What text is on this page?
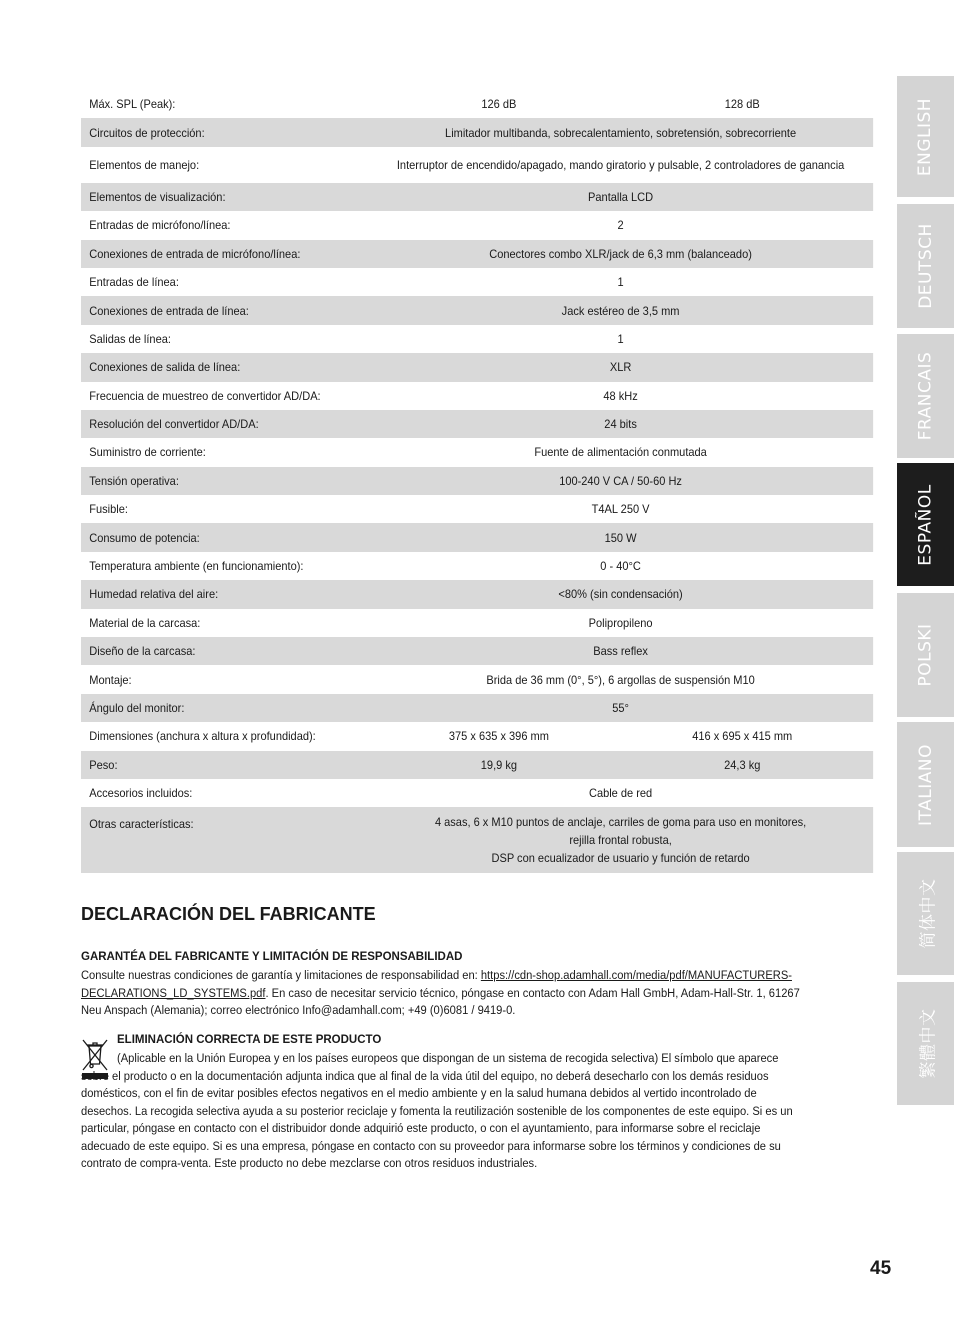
Máx. SPL (Peak):	126 dB	128 dB
Circuitos de protección:	Limitador multibanda, sobrecalentamiento, sobretensión, sobrecorriente
Elementos de manejo:	Interruptor de encendido/apagado, mando giratorio y pulsable, 2 controladores de ganancia
Elementos de visualización:	Pantalla LCD
Entradas de micrófono/línea:	2
Conexiones de entrada de micrófono/línea:	Conectores combo XLR/jack de 6,3 mm (balanceado)
Entradas de línea:	1
Conexiones de entrada de línea:	Jack estéreo de 3,5 mm
Salidas de línea:	1
Conexiones de salida de línea:	XLR
Frecuencia de muestreo de convertidor AD/DA:	48 kHz
Resolución del convertidor AD/DA:	24 bits
Suministro de corriente:	Fuente de alimentación conmutada
Tensión operativa:	100-240 V CA / 50-60 Hz
Fusible:	T4AL 250 V
Consumo de potencia:	150 W
Temperatura ambiente (en funcionamiento):	0 - 40°C
Humedad relativa del aire:	<80% (sin condensación)
Material de la carcasa:	Polipropileno
Diseño de la carcasa:	Bass reflex
Montaje:	Brida de 36 mm (0°, 5°), 6 argollas de suspensión M10
Ángulo del monitor:	55°
Dimensiones (anchura x altura x profundidad):	375 x 635 x 396 mm	416 x 695 x 415 mm
Peso:	19,9 kg	24,3 kg
Accesorios incluidos:	Cable de red
Otras características:	4 asas, 6 x M10 puntos de anclaje, carriles de goma para uso en monitores,
rejilla frontal robusta,
DSP con ecualizador de usuario y función de retardo
ENGLISH
DEUTSCH
FRANCAIS
ESPAÑOL
POLSKI
ITALIANO
简体中文
繁體中文
DECLARACIÓN DEL FABRICANTE
GARANTÉA DEL FABRICANTE Y LIMITACIÓN DE RESPONSABILIDAD
Consulte nuestras condiciones de garantía y limitaciones de responsabilidad en: https://cdn-shop.adamhall.com/media/pdf/MANUFACTURERS-DECLARATIONS_LD_SYSTEMS.pdf. En caso de necesitar servicio técnico, póngase en contacto con Adam Hall GmbH, Adam-Hall-Str. 1, 61267 Neu Anspach (Alemania); correo electrónico Info@adamhall.com; +49 (0)6081 / 9419-0.
ELIMINACIÓN CORRECTA DE ESTE PRODUCTO
(Aplicable en la Unión Europea y en los países europeos que dispongan de un sistema de recogida selectiva) El símbolo que aparece sobre el producto o en la documentación adjunta indica que al final de la vida útil del equipo, no deberá desecharlo con los demás residuos domésticos, con el fin de evitar posibles efectos negativos en el medio ambiente y en la salud humana debidos al vertido incontrolado de desechos. La recogida selectiva ayuda a su posterior reciclaje y fomenta la reutilización sostenible de los componentes de este equipo. Si es un particular, póngase en contacto con el distribuidor donde adquirió este producto, o con el ayuntamiento, para informarse sobre el reciclaje adecuado de este equipo. Si es una empresa, póngase en contacto con su proveedor para informarse sobre los términos y condiciones de su contrato de compra-venta. Este producto no debe mezclarse con otros residuos industriales.
45
